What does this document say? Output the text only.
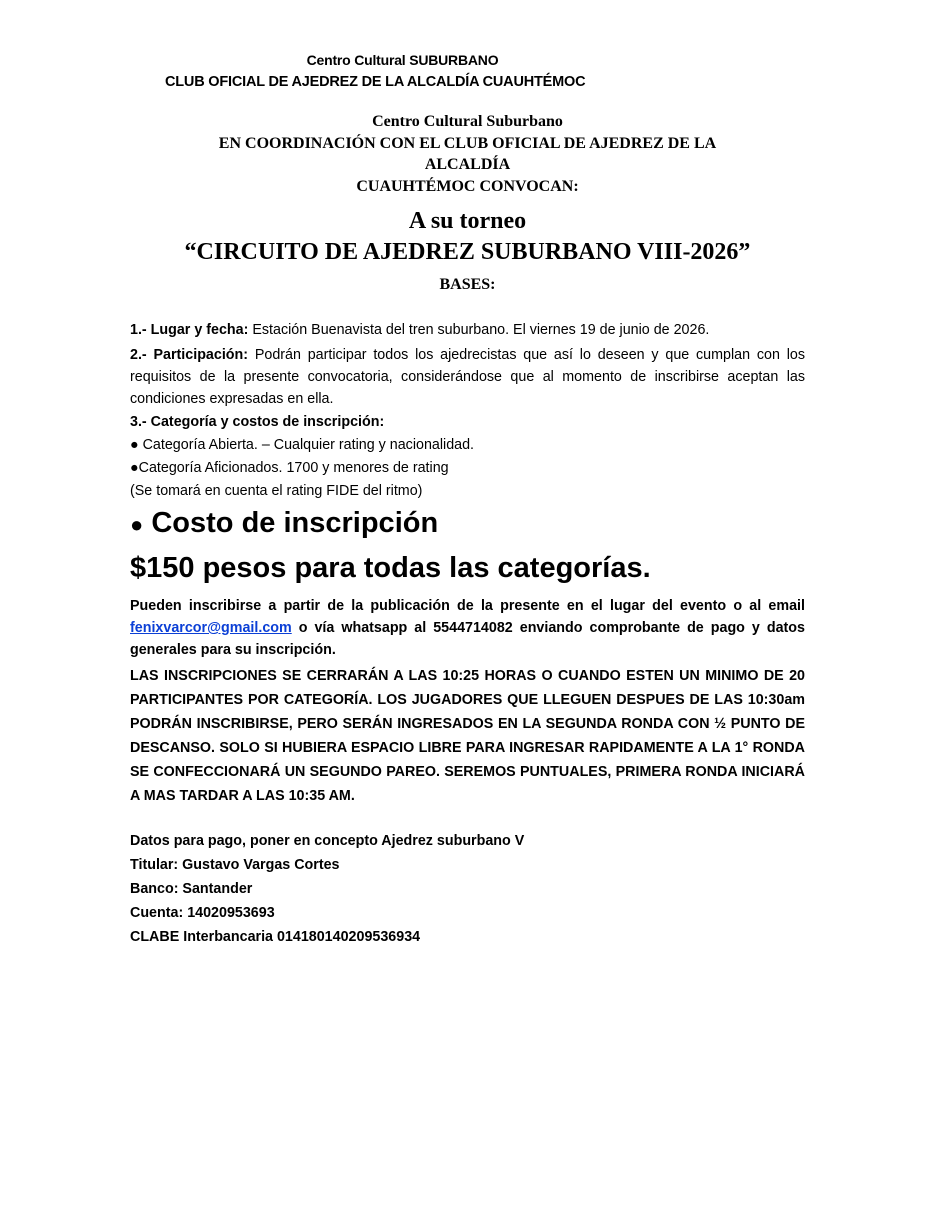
Centro Cultural SUBURBANO
CLUB OFICIAL DE AJEDREZ DE LA ALCALDÍA CUAUHTÉMOC
Centro Cultural Suburbano
EN COORDINACIÓN CON EL CLUB OFICIAL DE AJEDREZ DE LA
ALCALDÍA
CUAUHTÉMOC CONVOCAN:
A su torneo
“CIRCUITO DE AJEDREZ SUBURBANO VIII-2026”
BASES:
1.- Lugar y fecha: Estación Buenavista del tren suburbano. El viernes 19 de junio de 2026.
2.- Participación: Podrán participar todos los ajedrecistas que así lo deseen y que cumplan con los requisitos de la presente convocatoria, considerándose que al momento de inscribirse aceptan las condiciones expresadas en ella.
3.- Categoría y costos de inscripción:
● Categoría Abierta. – Cualquier rating y nacionalidad.
●Categoría Aficionados. 1700 y menores de rating
(Se tomará en cuenta el rating FIDE del ritmo)
● Costo de inscripción
$150 pesos para todas las categorías.
Pueden inscribirse a partir de la publicación de la presente en el lugar del evento o al email fenixvarcor@gmail.com o vía whatsapp al 5544714082 enviando comprobante de pago y datos generales para su inscripción.
LAS INSCRIPCIONES SE CERRARÁN A LAS 10:25 HORAS O CUANDO ESTEN UN MINIMO DE 20 PARTICIPANTES POR CATEGORÍA. LOS JUGADORES QUE LLEGUEN DESPUES DE LAS 10:30am PODRÁN INSCRIBIRSE, PERO SERÁN INGRESADOS EN LA SEGUNDA RONDA CON ½ PUNTO DE DESCANSO. SOLO SI HUBIERA ESPACIO LIBRE PARA INGRESAR RAPIDAMENTE A LA 1° RONDA SE CONFECCIONARÁ UN SEGUNDO PAREO. SEREMOS PUNTUALES, PRIMERA RONDA INICIARÁ A MAS TARDAR A LAS 10:35 AM.
Datos para pago, poner en concepto Ajedrez suburbano V
Titular: Gustavo Vargas Cortes
Banco: Santander
Cuenta: 14020953693
CLABE Interbancaria 014180140209536934
